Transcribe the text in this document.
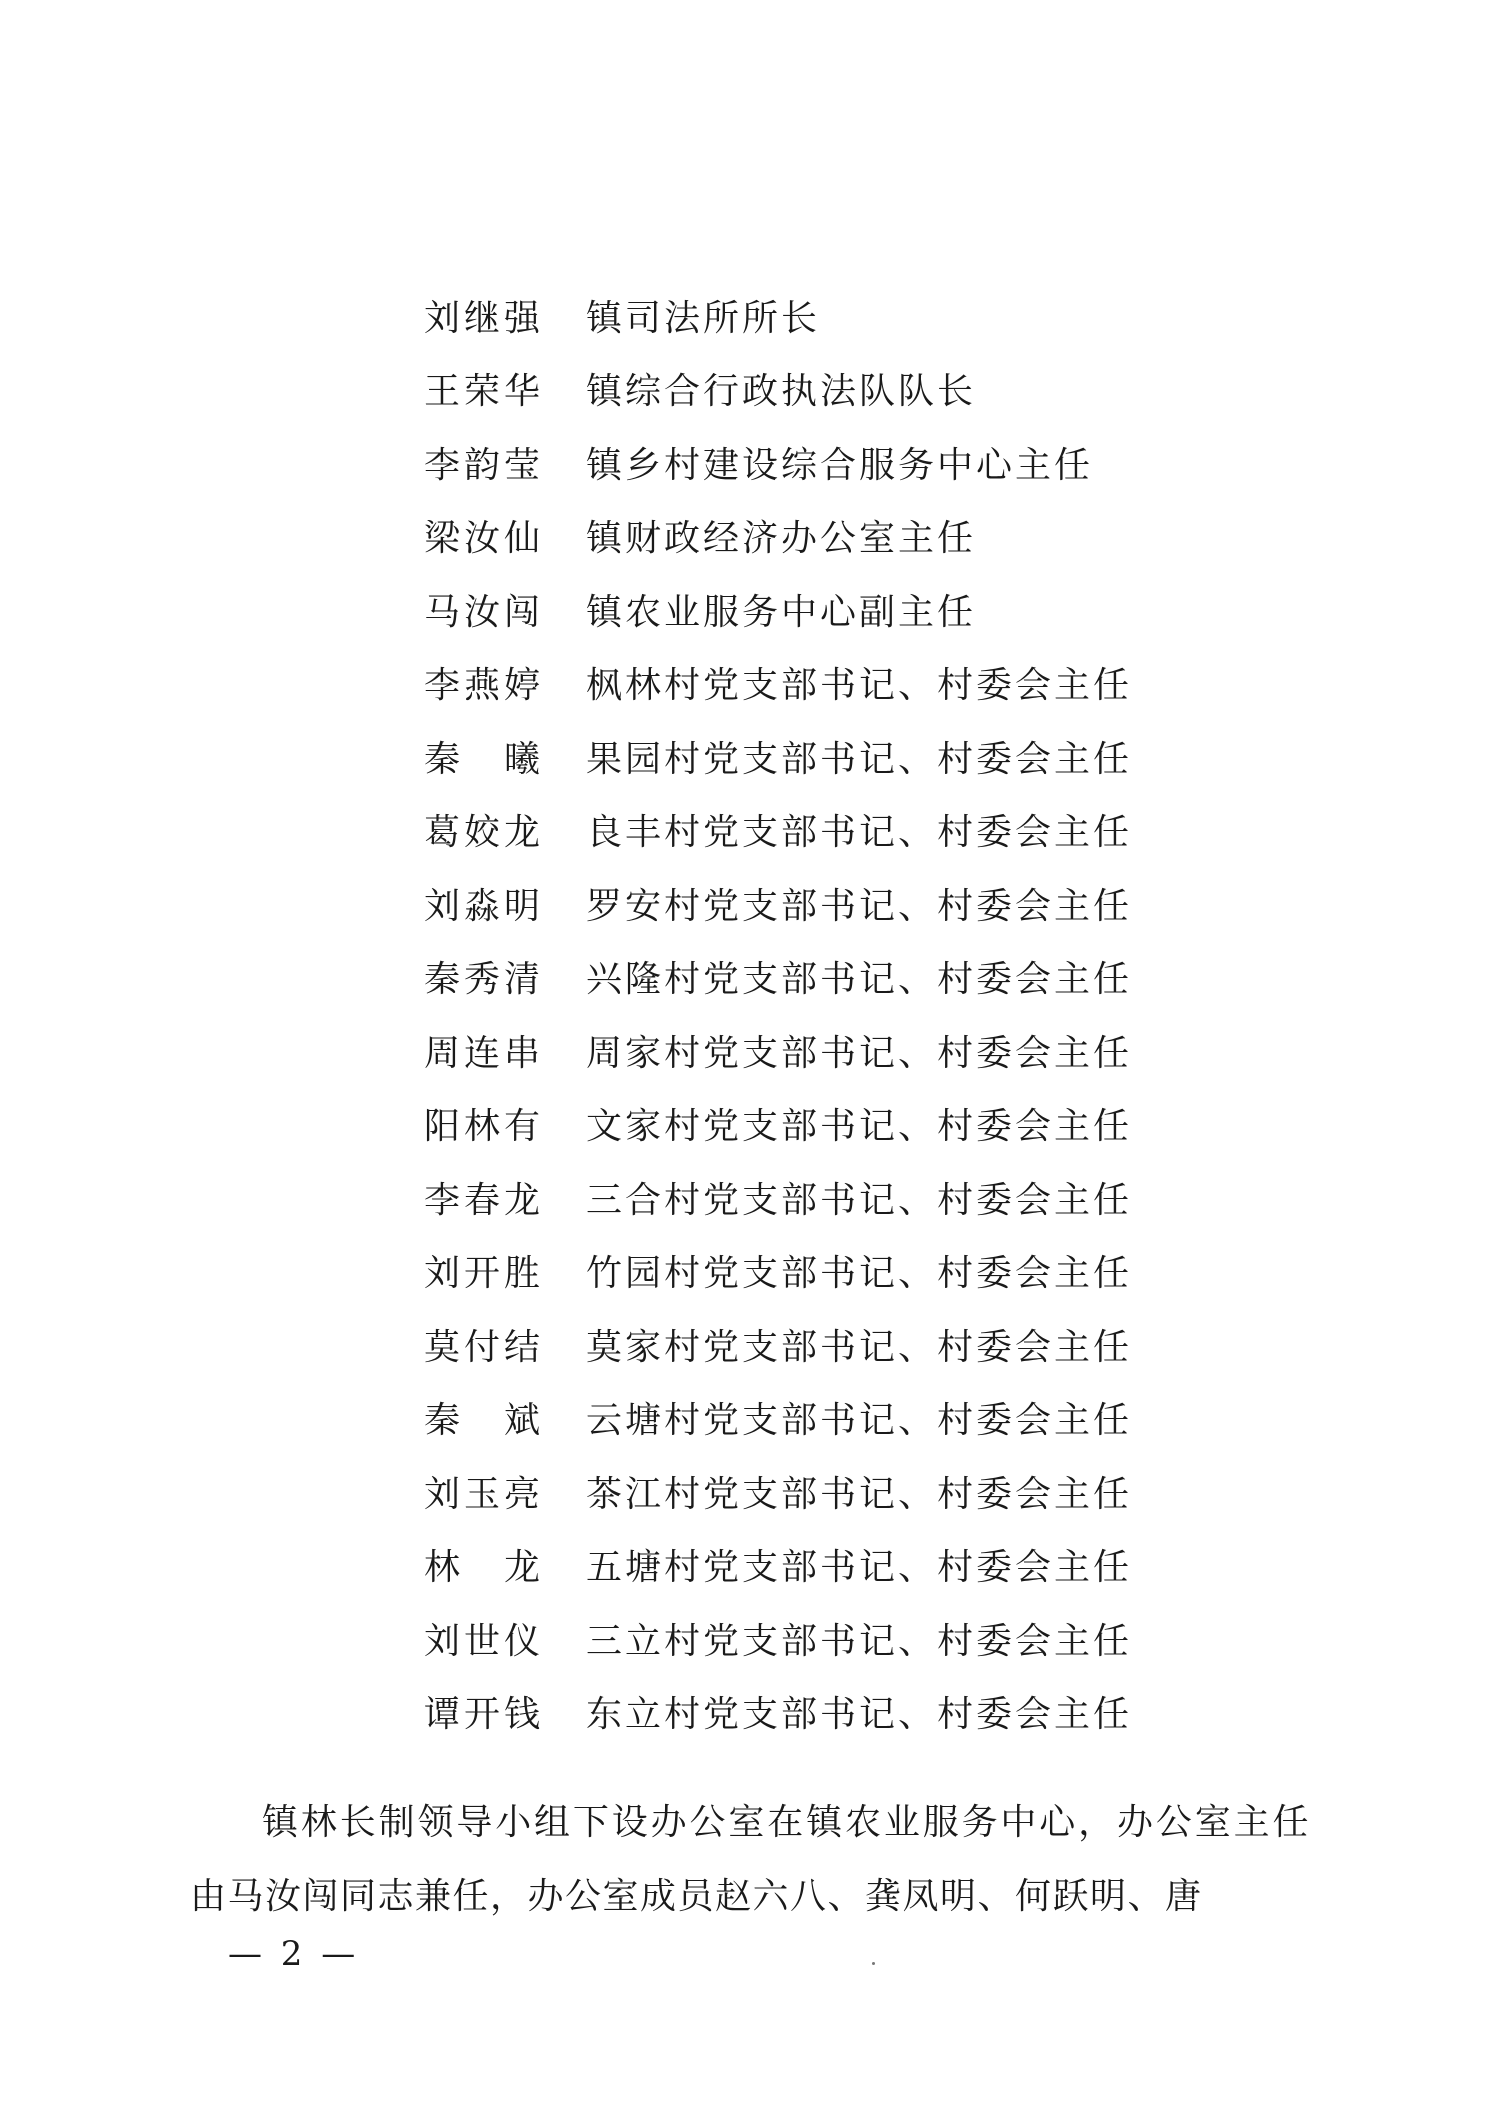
刘继强 镇司法所所长
王荣华 镇综合行政执法队队长
李韵莹 镇乡村建设综合服务中心主任
梁汝仙 镇财政经济办公室主任
马汝闯 镇农业服务中心副主任
李燕婷 枫林村党支部书记、村委会主任
秦曦 果园村党支部书记、村委会主任
葛姣龙 良丰村党支部书记、村委会主任
刘淼明 罗安村党支部书记、村委会主任
秦秀清 兴隆村党支部书记、村委会主任
周连串 周家村党支部书记、村委会主任
阳林有 文家村党支部书记、村委会主任
李春龙 三合村党支部书记、村委会主任
刘开胜 竹园村党支部书记、村委会主任
莫付结 莫家村党支部书记、村委会主任
秦斌 云塘村党支部书记、村委会主任
刘玉亮 茶江村党支部书记、村委会主任
林龙 五塘村党支部书记、村委会主任
刘世仪 三立村党支部书记、村委会主任
谭开钱 东立村党支部书记、村委会主任

镇林长制领导小组下设办公室在镇农业服务中心，办公室主任由马汝闯同志兼任，办公室成员赵六八、龚凤明、何跃明、唐

— 2 —
